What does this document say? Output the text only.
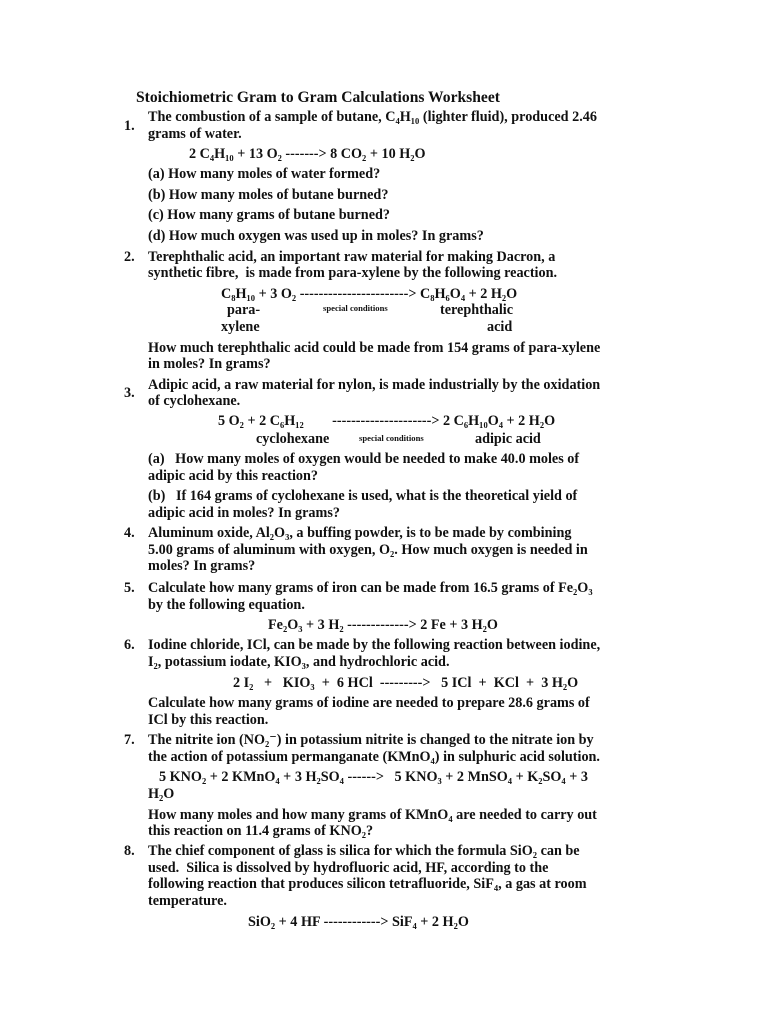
Stoichiometric Gram to Gram Calculations Worksheet
1.
The combustion of a sample of butane, C₄H₁₀ (lighter fluid), produced 2.46
grams of water.
2 C₄H₁₀ + 13 O₂ -------> 8 CO₂ + 10 H₂O
(a) How many moles of water formed?
(b) How many moles of butane burned?
(c) How many grams of butane burned?
(d) How much oxygen was used up in moles? In grams?
2. Terephthalic acid, an important raw material for making Dacron, a
synthetic fibre,  is made from para-xylene by the following reaction.
C₈H₁₀ + 3 O₂ -----------------------> C₈H₆O₄ + 2 H₂O
para-	special conditions	terephthalic
xylene	acid
How much terephthalic acid could be made from 154 grams of para-xylene
in moles? In grams?
3. Adipic acid, a raw material for nylon, is made industrially by the oxidation
of cyclohexane.
5 O₂ + 2 C₆H₁₂        ---------------------> 2 C₆H₁₀O₄ + 2 H₂O
cyclohexane	special conditions	adipic acid
(a)   How many moles of oxygen would be needed to make 40.0 moles of
adipic acid by this reaction?
(b)   If 164 grams of cyclohexane is used, what is the theoretical yield of
adipic acid in moles? In grams?
4. Aluminum oxide, Al₂O₃, a buffing powder, is to be made by combining
5.00 grams of aluminum with oxygen, O₂. How much oxygen is needed in
moles? In grams?
5. Calculate how many grams of iron can be made from 16.5 grams of Fe₂O₃
by the following equation.
Fe₂O₃ + 3 H₂ -------------> 2 Fe + 3 H₂O
6. Iodine chloride, ICl, can be made by the following reaction between iodine,
I₂, potassium iodate, KIO₃, and hydrochloric acid.
2 I₂   +   KIO₃  +  6 HCl  --------->   5 ICl  +  KCl  +  3 H₂O
Calculate how many grams of iodine are needed to prepare 28.6 grams of
ICl by this reaction.
7. The nitrite ion (NO₂⁻) in potassium nitrite is changed to the nitrate ion by
the action of potassium permanganate (KMnO₄) in sulphuric acid solution.
5 KNO₂ + 2 KMnO₄ + 3 H₂SO₄ ------>   5 KNO₃ + 2 MnSO₄ + K₂SO₄ + 3
H₂O
How many moles and how many grams of KMnO₄ are needed to carry out
this reaction on 11.4 grams of KNO₂?
8. The chief component of glass is silica for which the formula SiO₂ can be
used.  Silica is dissolved by hydrofluoric acid, HF, according to the
following reaction that produces silicon tetrafluoride, SiF₄, a gas at room
temperature.
SiO₂ + 4 HF ------------> SiF₄ + 2 H₂O
